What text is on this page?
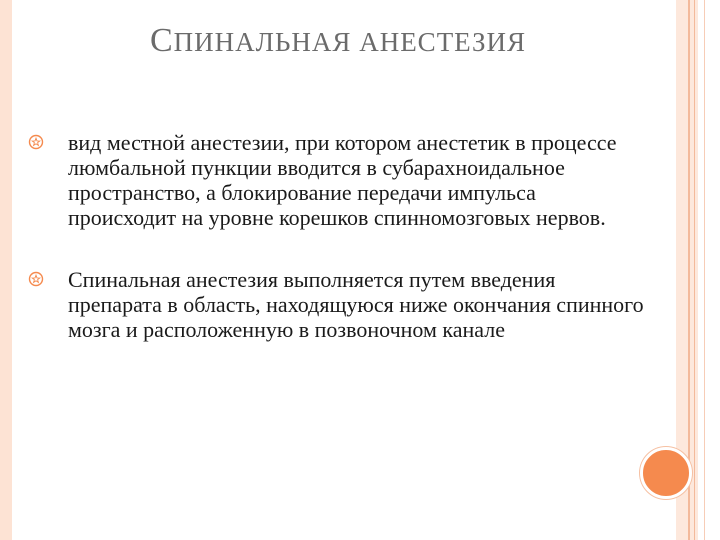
СПИНАЛЬНАЯ АНЕСТЕЗИЯ
вид местной анестезии, при котором анестетик в процессе люмбальной пункции вводится в субарахноидальное пространство, а блокирование передачи импульса происходит на уровне корешков спинномозговых нервов.
Спинальная анестезия выполняется путем введения препарата в область, находящуюся ниже окончания спинного мозга и расположенную в позвоночном канале
